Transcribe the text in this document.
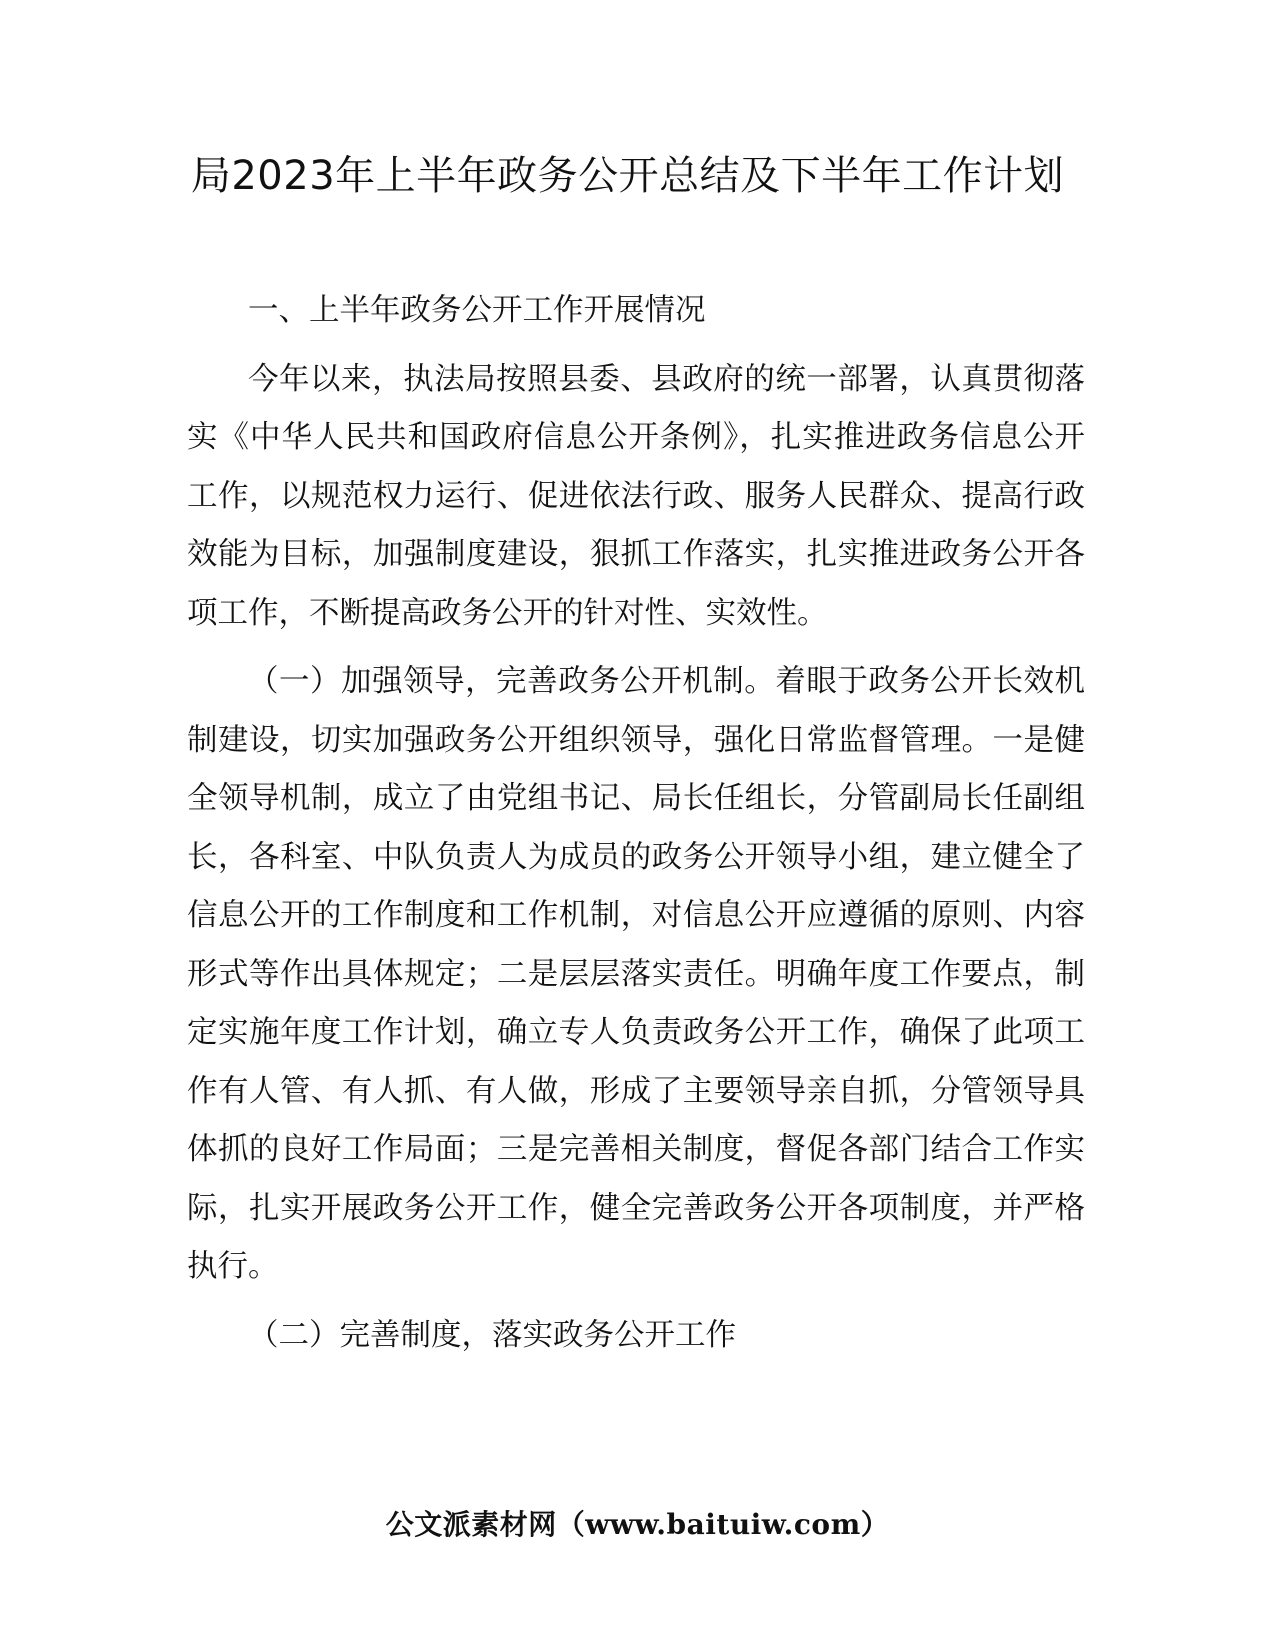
局2023年上半年政务公开总结及下半年工作计划

一、上半年政务公开工作开展情况

今年以来，执法局按照县委、县政府的统一部署，认真贯彻落实《中华人民共和国政府信息公开条例》，扎实推进政务信息公开工作，以规范权力运行、促进依法行政、服务人民群众、提高行政效能为目标，加强制度建设，狠抓工作落实，扎实推进政务公开各项工作，不断提高政务公开的针对性、实效性。

（一）加强领导，完善政务公开机制。着眼于政务公开长效机制建设，切实加强政务公开组织领导，强化日常监督管理。一是健全领导机制，成立了由党组书记、局长任组长，分管副局长任副组长，各科室、中队负责人为成员的政务公开领导小组，建立健全了信息公开的工作制度和工作机制，对信息公开应遵循的原则、内容形式等作出具体规定；二是层层落实责任。明确年度工作要点，制定实施年度工作计划，确立专人负责政务公开工作，确保了此项工作有人管、有人抓、有人做，形成了主要领导亲自抓，分管领导具体抓的良好工作局面；三是完善相关制度，督促各部门结合工作实际，扎实开展政务公开工作，健全完善政务公开各项制度，并严格执行。

（二）完善制度，落实政务公开工作

公文派素材网（www.baituiw.com）
